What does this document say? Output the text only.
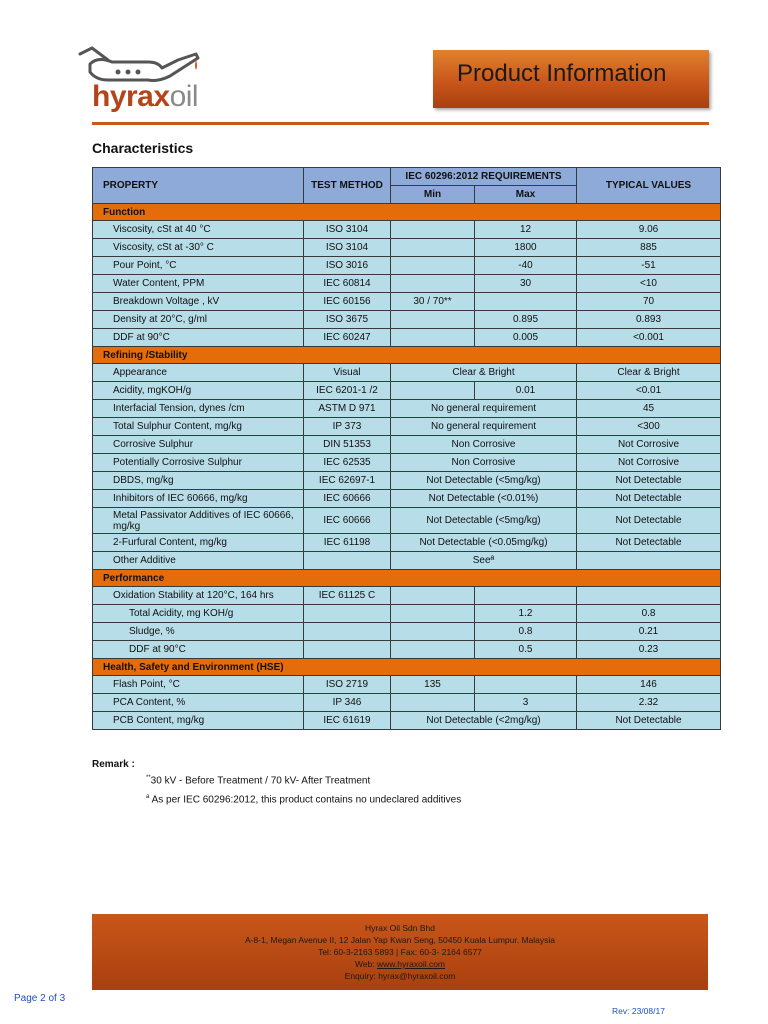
hyraxoil
Product Information
Characteristics
PROPERTY	TEST METHOD	IEC 60296:2012 REQUIREMENTS		TYPICAL VALUES
		Min	Max	
Function				
Viscosity, cSt at 40 °C	ISO 3104		12	9.06
Viscosity, cSt at -30° C	ISO 3104		1800	885
Pour Point, °C	ISO 3016		-40	-51
Water Content, PPM	IEC 60814		30	<10
Breakdown Voltage , kV	IEC 60156	30 / 70**		70
Density at 20°C, g/ml	ISO 3675		0.895	0.893
DDF at 90°C	IEC 60247		0.005	<0.001
Refining /Stability				
Appearance	Visual	Clear & Bright		Clear & Bright
Acidity, mgKOH/g	IEC 6201-1 /2		0.01	<0.01
Interfacial Tension, dynes /cm	ASTM D 971	No general requirement		45
Total Sulphur Content, mg/kg	IP 373	No general requirement		<300
Corrosive Sulphur	DIN 51353	Non Corrosive		Not Corrosive
Potentially Corrosive Sulphur	IEC 62535	Non Corrosive		Not Corrosive
DBDS, mg/kg	IEC 62697-1	Not Detectable (<5mg/kg)		Not Detectable
Inhibitors of IEC 60666, mg/kg	IEC 60666	Not Detectable (<0.01%)		Not Detectable
Metal Passivator Additives of IEC 60666, mg/kg	IEC 60666	Not Detectable (<5mg/kg)		Not Detectable
2-Furfural Content, mg/kg	IEC 61198	Not Detectable (<0.05mg/kg)		Not Detectable
Other Additive		Seeª		
Performance				
Oxidation Stability at 120°C, 164 hrs	IEC 61125 C			
Total Acidity, mg KOH/g			1.2	0.8
Sludge, %			0.8	0.21
DDF at 90°C			0.5	0.23
Health, Safety and Environment (HSE)				
Flash Point, °C	ISO 2719	135		146
PCA Content, %	IP 346		3	2.32
PCB Content, mg/kg	IEC 61619	Not Detectable (<2mg/kg)		Not Detectable
Remark :
**30 kV - Before Treatment / 70 kV- After Treatment
$^a$ As per IEC 60296:2012, this product contains no undeclared additives
Hyrax Oil Sdn Bhd
A-8-1, Megan Avenue II, 12 Jalan Yap Kwan Seng, 50450 Kuala Lumpur. Malaysia
Tel: 60-3-2163 5893 | Fax: 60-3- 2164 6577
Web: www.hyraxoil.com
Enquiry: hyrax@hyraxoil.com
Page 2 of 3
Rev: 23/08/17
